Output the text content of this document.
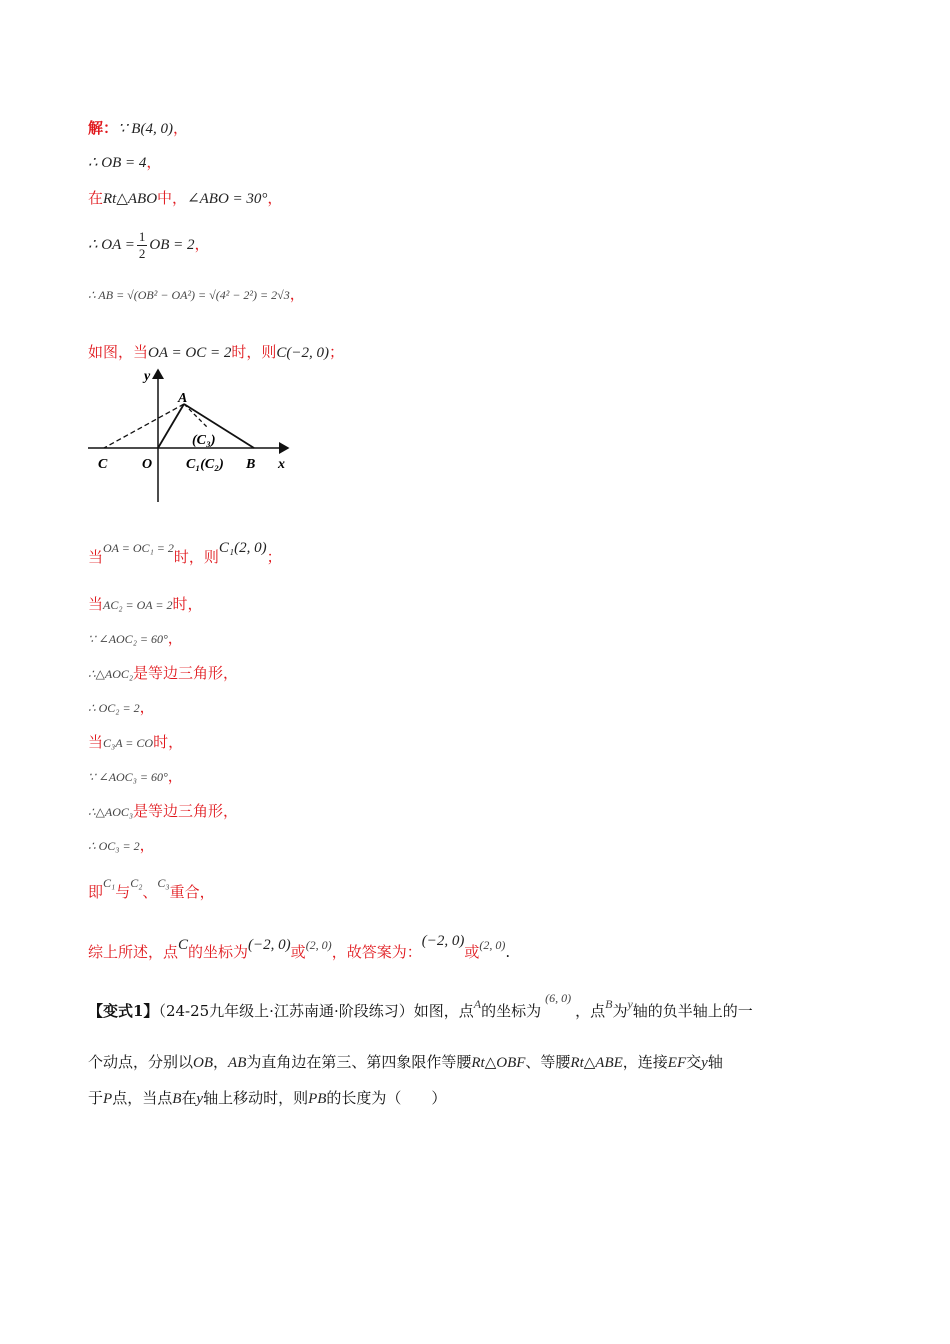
解：∵ B(4, 0)，
∴ OB = 4，
在Rt△ABO中，∠ABO = 30°，
∴ OA = $\frac{1}{2}$ OB = 2，
∴ AB = √(OB² − OA²) = √(4² − 2²) = 2√3，
如图，当OA = OC = 2时，则C(−2, 0)；
y
x
A
C O C₁(C₂)
(C₃)
B
当$^{OA = OC_1 = 2}$时，则C₁(2, 0)；
当AC₂ = OA = 2时，
∵ ∠AOC₂ = 60°，
∴△AOC₂是等边三角形，
∴ OC₂ = 2，
当C₃A = CO时，
∵ ∠AOC₃ = 60°，
∴△AOC₃是等边三角形，
∴ OC₃ = 2，
即$^{C_1}$与$^{C_2}$、$^{C_3}$重合，
综上所述，点C的坐标为(−2, 0)或$^{(2, 0)}$，故答案为：(−2, 0)或$^{(2, 0)}$.
【变式1】（24-25九年级上·江苏南通·阶段练习）如图，点$^A$的坐标为$^{(6, 0)}$，点$^B$为$^y$轴的负半轴上的一
个动点，分别以OB，AB为直角边在第三、第四象限作等腰Rt△OBF、等腰Rt△ABE，连接EF交y轴
于P点，当点B在y轴上移动时，则PB的长度为（　　）
